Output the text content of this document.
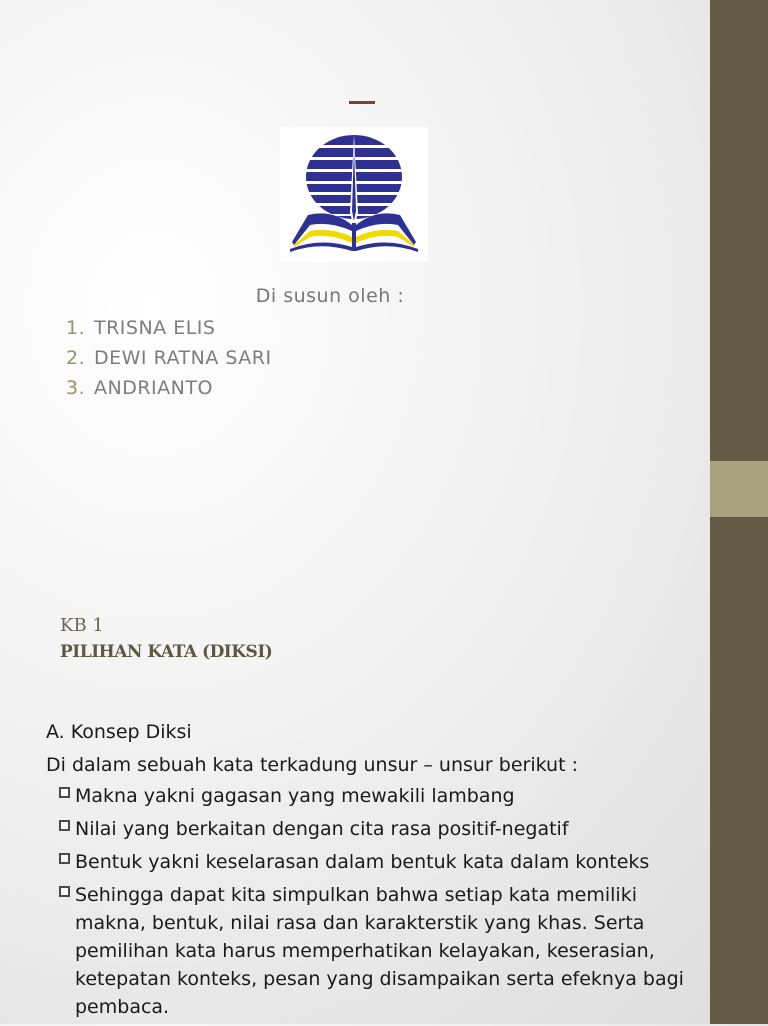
Di susun oleh :
1. TRISNA ELIS
2. DEWI RATNA SARI
3. ANDRIANTO
KB 1
PILIHAN KATA (DIKSI)
A. Konsep Diksi
Di dalam sebuah kata terkadung unsur – unsur berikut :
Makna yakni gagasan yang mewakili lambang
Nilai yang berkaitan dengan cita rasa positif-negatif
Bentuk yakni keselarasan dalam bentuk kata dalam konteks
Sehingga dapat kita simpulkan bahwa setiap kata memiliki makna, bentuk, nilai rasa dan karakterstik yang khas. Serta pemilihan kata harus memperhatikan kelayakan, keserasian, ketepatan konteks, pesan yang disampaikan serta efeknya bagi pembaca.
